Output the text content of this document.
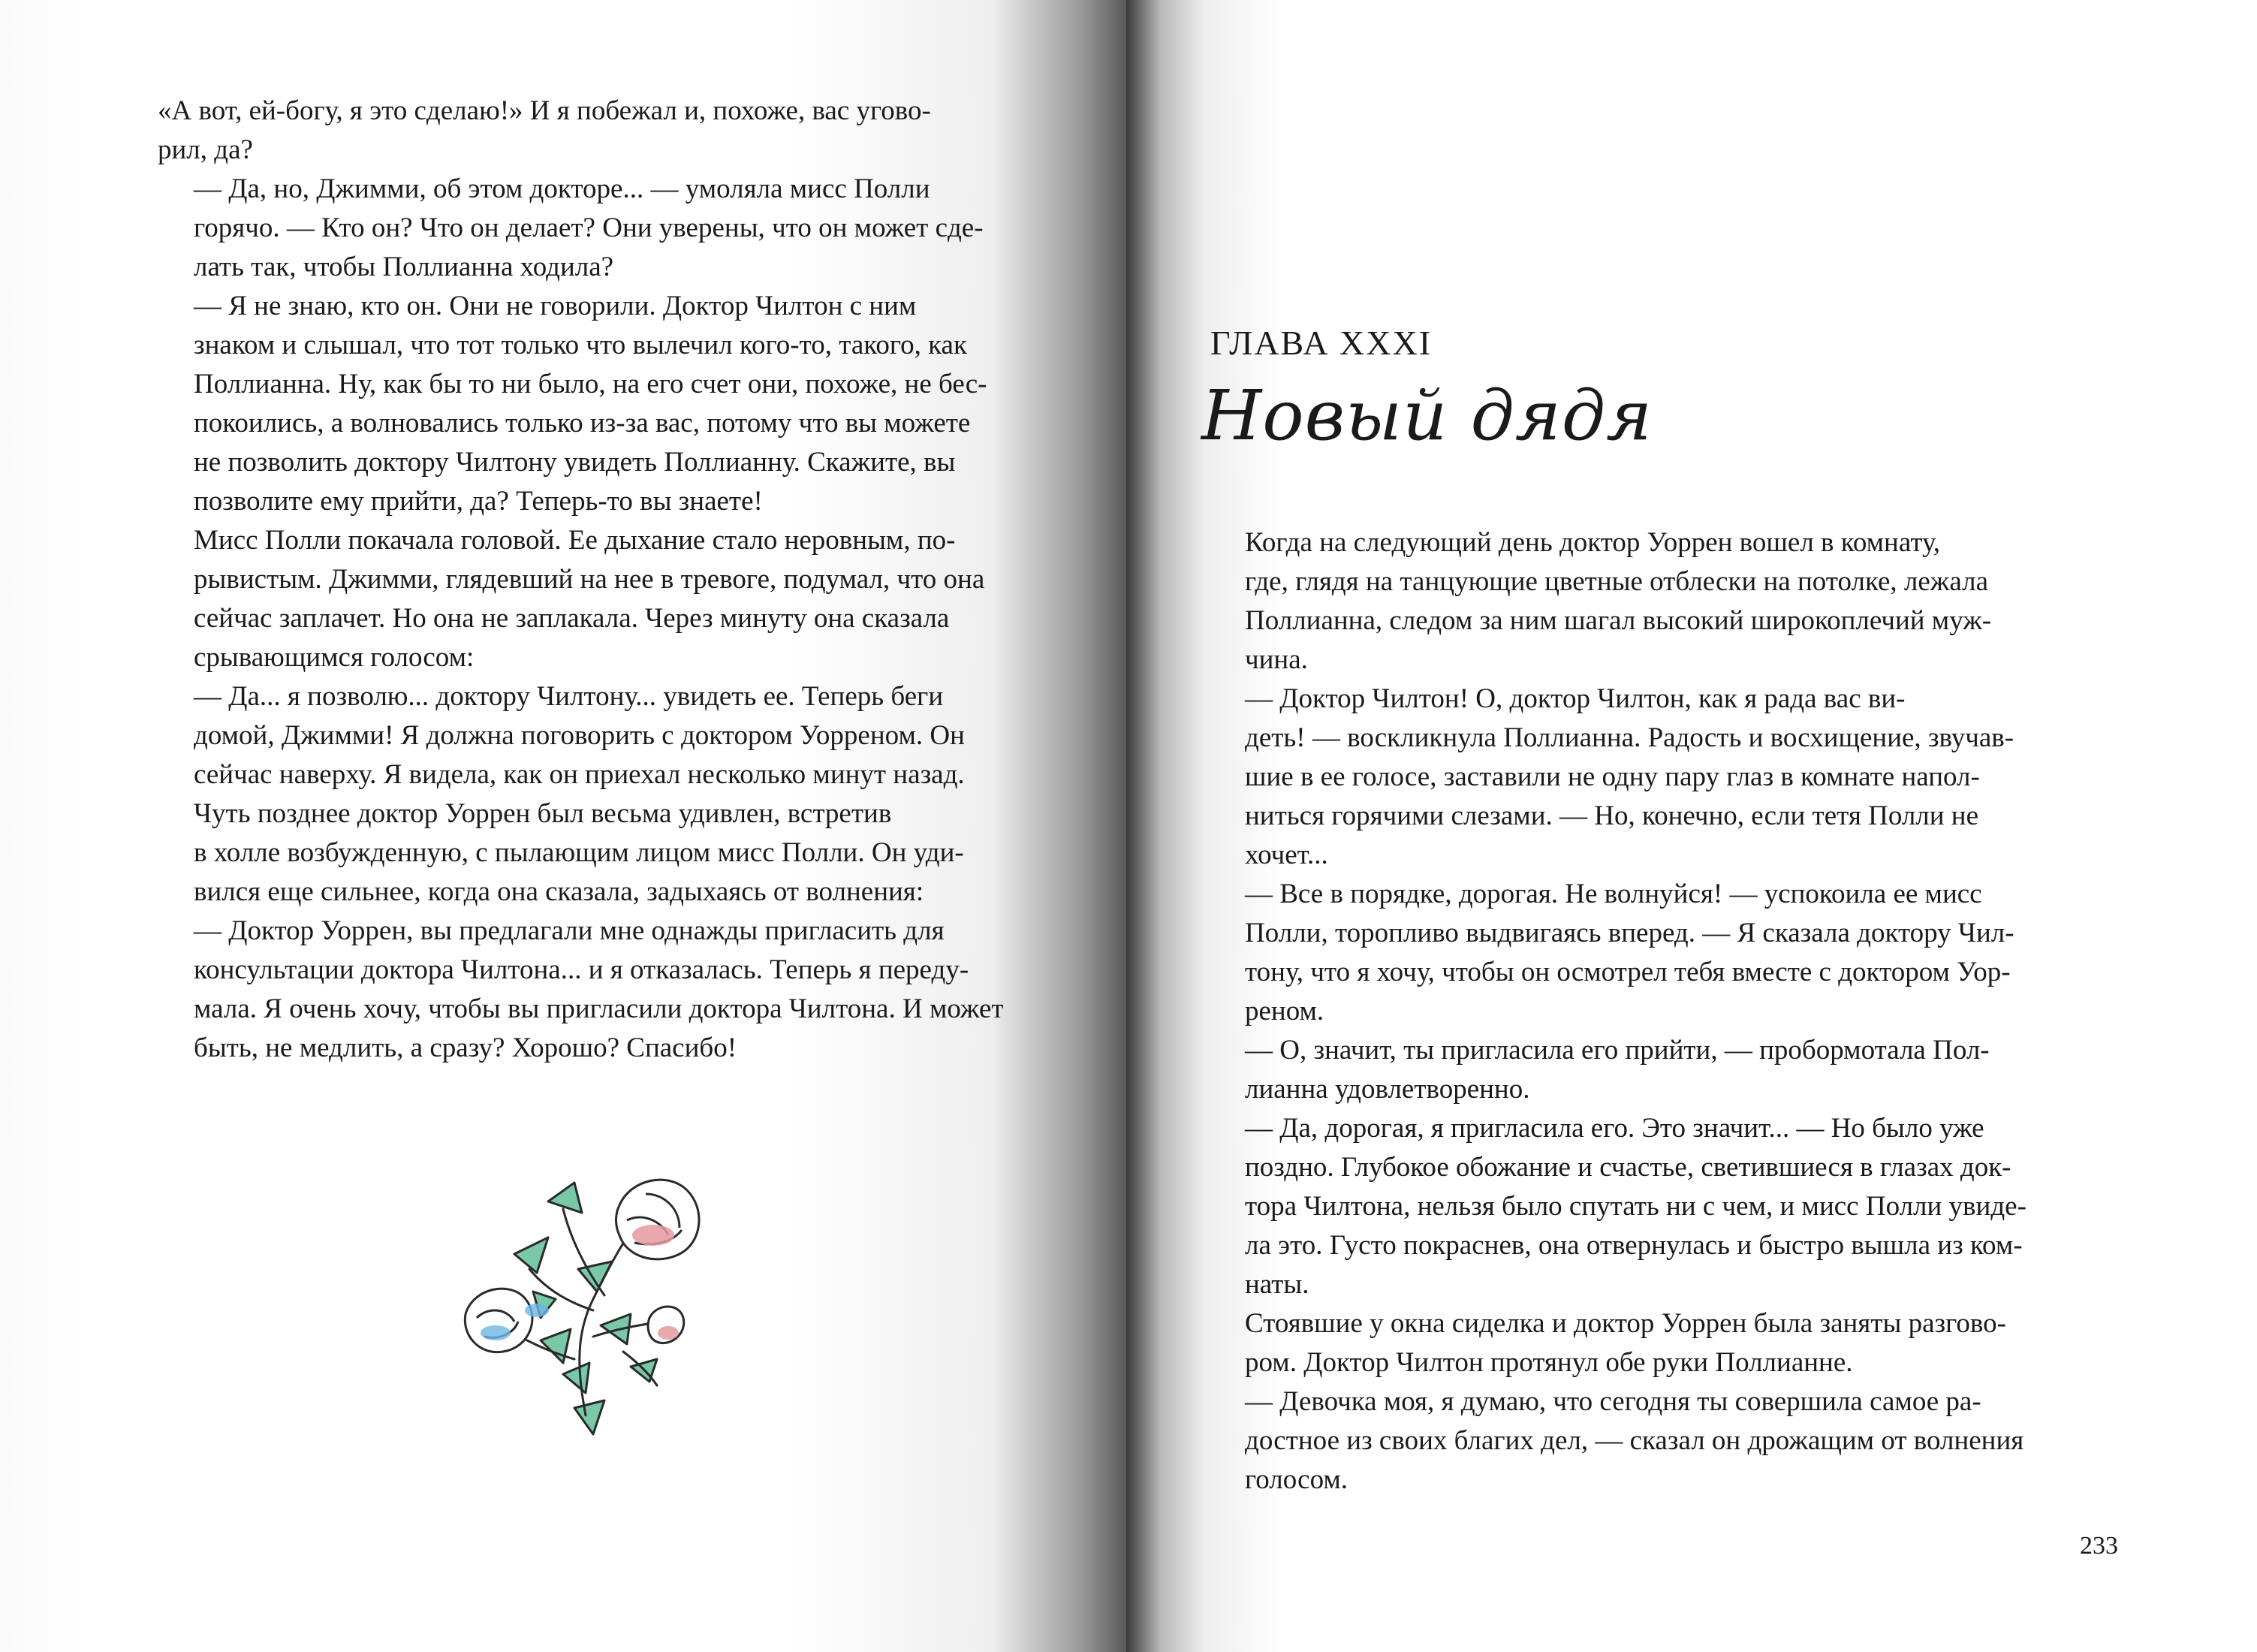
«А вот, ей-богу, я это сделаю!» И я побежал и, похоже, вас угово-
рил, да?

— Да, но, Джимми, об этом докторе... — умоляла мисс Полли
горячо. — Кто он? Что он делает? Они уверены, что он может сде-
лать так, чтобы Поллианна ходила?

— Я не знаю, кто он. Они не говорили. Доктор Чилтон с ним
знаком и слышал, что тот только что вылечил кого-то, такого, как
Поллианна. Ну, как бы то ни было, на его счет они, похоже, не бес-
покоились, а волновались только из-за вас, потому что вы можете
не позволить доктору Чилтону увидеть Поллианну. Скажите, вы
позволите ему прийти, да? Теперь-то вы знаете!

Мисс Полли покачала головой. Ее дыхание стало неровным, по-
рывистым. Джимми, глядевший на нее в тревоге, подумал, что она
сейчас заплачет. Но она не заплакала. Через минуту она сказала
срывающимся голосом:

— Да... я позволю... доктору Чилтону... увидеть ее. Теперь беги
домой, Джимми! Я должна поговорить с доктором Уорреном. Он
сейчас наверху. Я видела, как он приехал несколько минут назад.

Чуть позднее доктор Уоррен был весьма удивлен, встретив
в холле возбужденную, с пылающим лицом мисс Полли. Он уди-
вился еще сильнее, когда она сказала, задыхаясь от волнения:

— Доктор Уоррен, вы предлагали мне однажды пригласить для
консультации доктора Чилтона... и я отказалась. Теперь я переду-
мала. Я очень хочу, чтобы вы пригласили доктора Чилтона. И может
быть, не медлить, а сразу? Хорошо? Спасибо!

ГЛАВА XXXI
Новый дядя

Когда на следующий день доктор Уоррен вошел в комнату,
где, глядя на танцующие цветные отблески на потолке, лежала
Поллианна, следом за ним шагал высокий широкоплечий муж-
чина.

— Доктор Чилтон! О, доктор Чилтон, как я рада вас ви-
деть! — воскликнула Поллианна. Радость и восхищение, звучав-
шие в ее голосе, заставили не одну пару глаз в комнате напол-
ниться горячими слезами. — Но, конечно, если тетя Полли не
хочет...

— Все в порядке, дорогая. Не волнуйся! — успокоила ее мисс
Полли, торопливо выдвигаясь вперед. — Я сказала доктору Чил-
тону, что я хочу, чтобы он осмотрел тебя вместе с доктором Уор-
реном.

— О, значит, ты пригласила его прийти, — пробормотала Пол-
лианна удовлетворенно.

— Да, дорогая, я пригласила его. Это значит... — Но было уже
поздно. Глубокое обожание и счастье, светившиеся в глазах док-
тора Чилтона, нельзя было спутать ни с чем, и мисс Полли увиде-
ла это. Густо покраснев, она отвернулась и быстро вышла из ком-
наты.

Стоявшие у окна сиделка и доктор Уоррен была заняты разгово-
ром. Доктор Чилтон протянул обе руки Поллианне.

— Девочка моя, я думаю, что сегодня ты совершила самое ра-
достное из своих благих дел, — сказал он дрожащим от волнения
голосом.

233
